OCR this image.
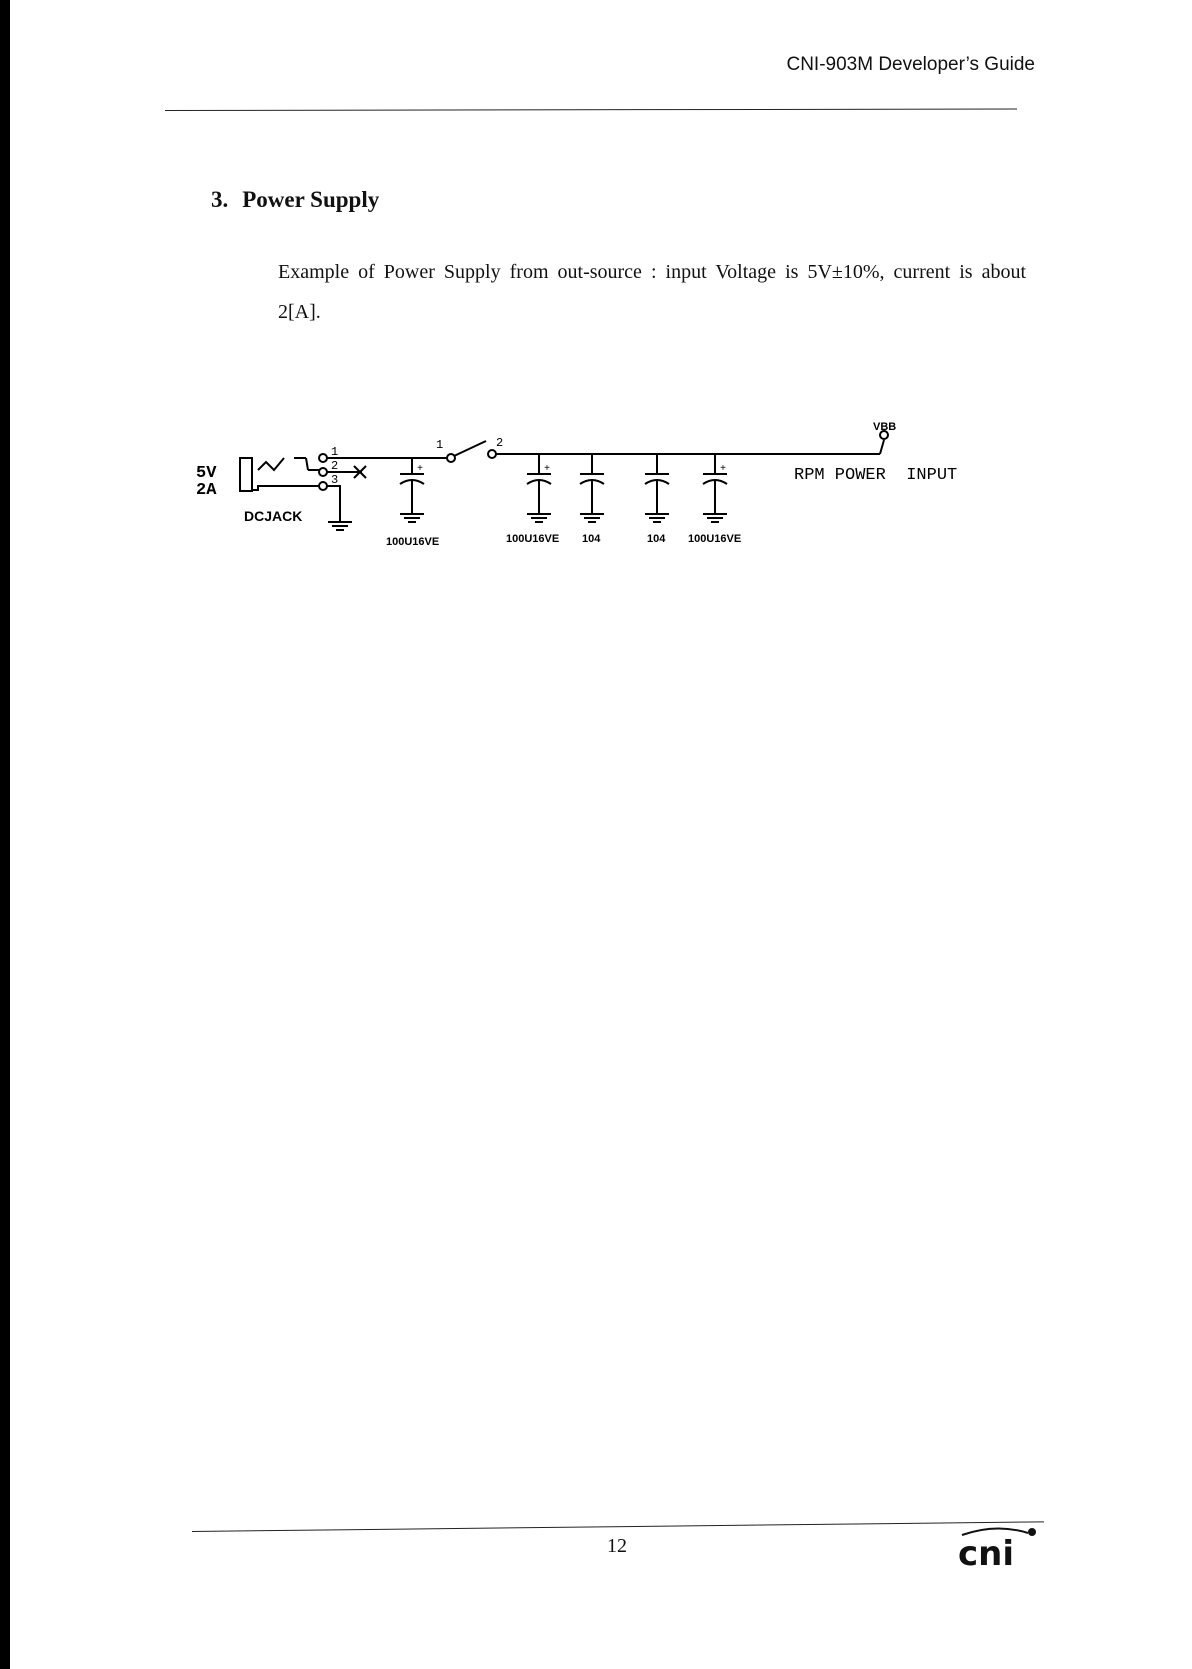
CNI-903M Developer’s Guide
3. Power Supply
Example of Power Supply from out-source : input Voltage is 5V±10%, current is about 2[A].
5V
2A
1
2
3
DCJACK
1	2
+	+	+
100U16VE	100U16VE 104	104 100U16VE
VBB
RPM POWER  INPUT
12	cni
